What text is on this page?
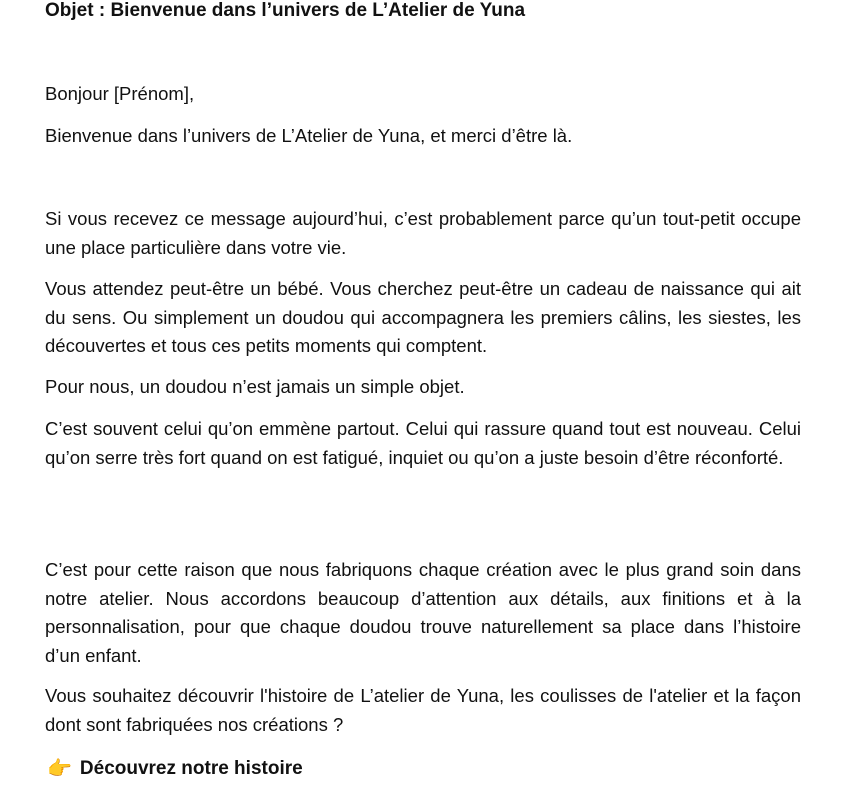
Objet : Bienvenue dans l’univers de L’Atelier de Yuna

Bonjour [Prénom],

Bienvenue dans l’univers de L’Atelier de Yuna, et merci d’être là.

Si vous recevez ce message aujourd’hui, c’est probablement parce qu’un tout-petit occupe une place particulière dans votre vie.

Vous attendez peut-être un bébé. Vous cherchez peut-être un cadeau de naissance qui ait du sens. Ou simplement un doudou qui accompagnera les premiers câlins, les siestes, les découvertes et tous ces petits moments qui comptent.

Pour nous, un doudou n’est jamais un simple objet.

C’est souvent celui qu’on emmène partout. Celui qui rassure quand tout est nouveau. Celui qu’on serre très fort quand on est fatigué, inquiet ou qu’on a juste besoin d’être réconforté.

C’est pour cette raison que nous fabriquons chaque création avec le plus grand soin dans notre atelier. Nous accordons beaucoup d’attention aux détails, aux finitions et à la personnalisation, pour que chaque doudou trouve naturellement sa place dans l’histoire d’un enfant.

Vous souhaitez découvrir l'histoire de L’atelier de Yuna, les coulisses de l'atelier et la façon dont sont fabriquées nos créations ?

👉 Découvrez notre histoire
